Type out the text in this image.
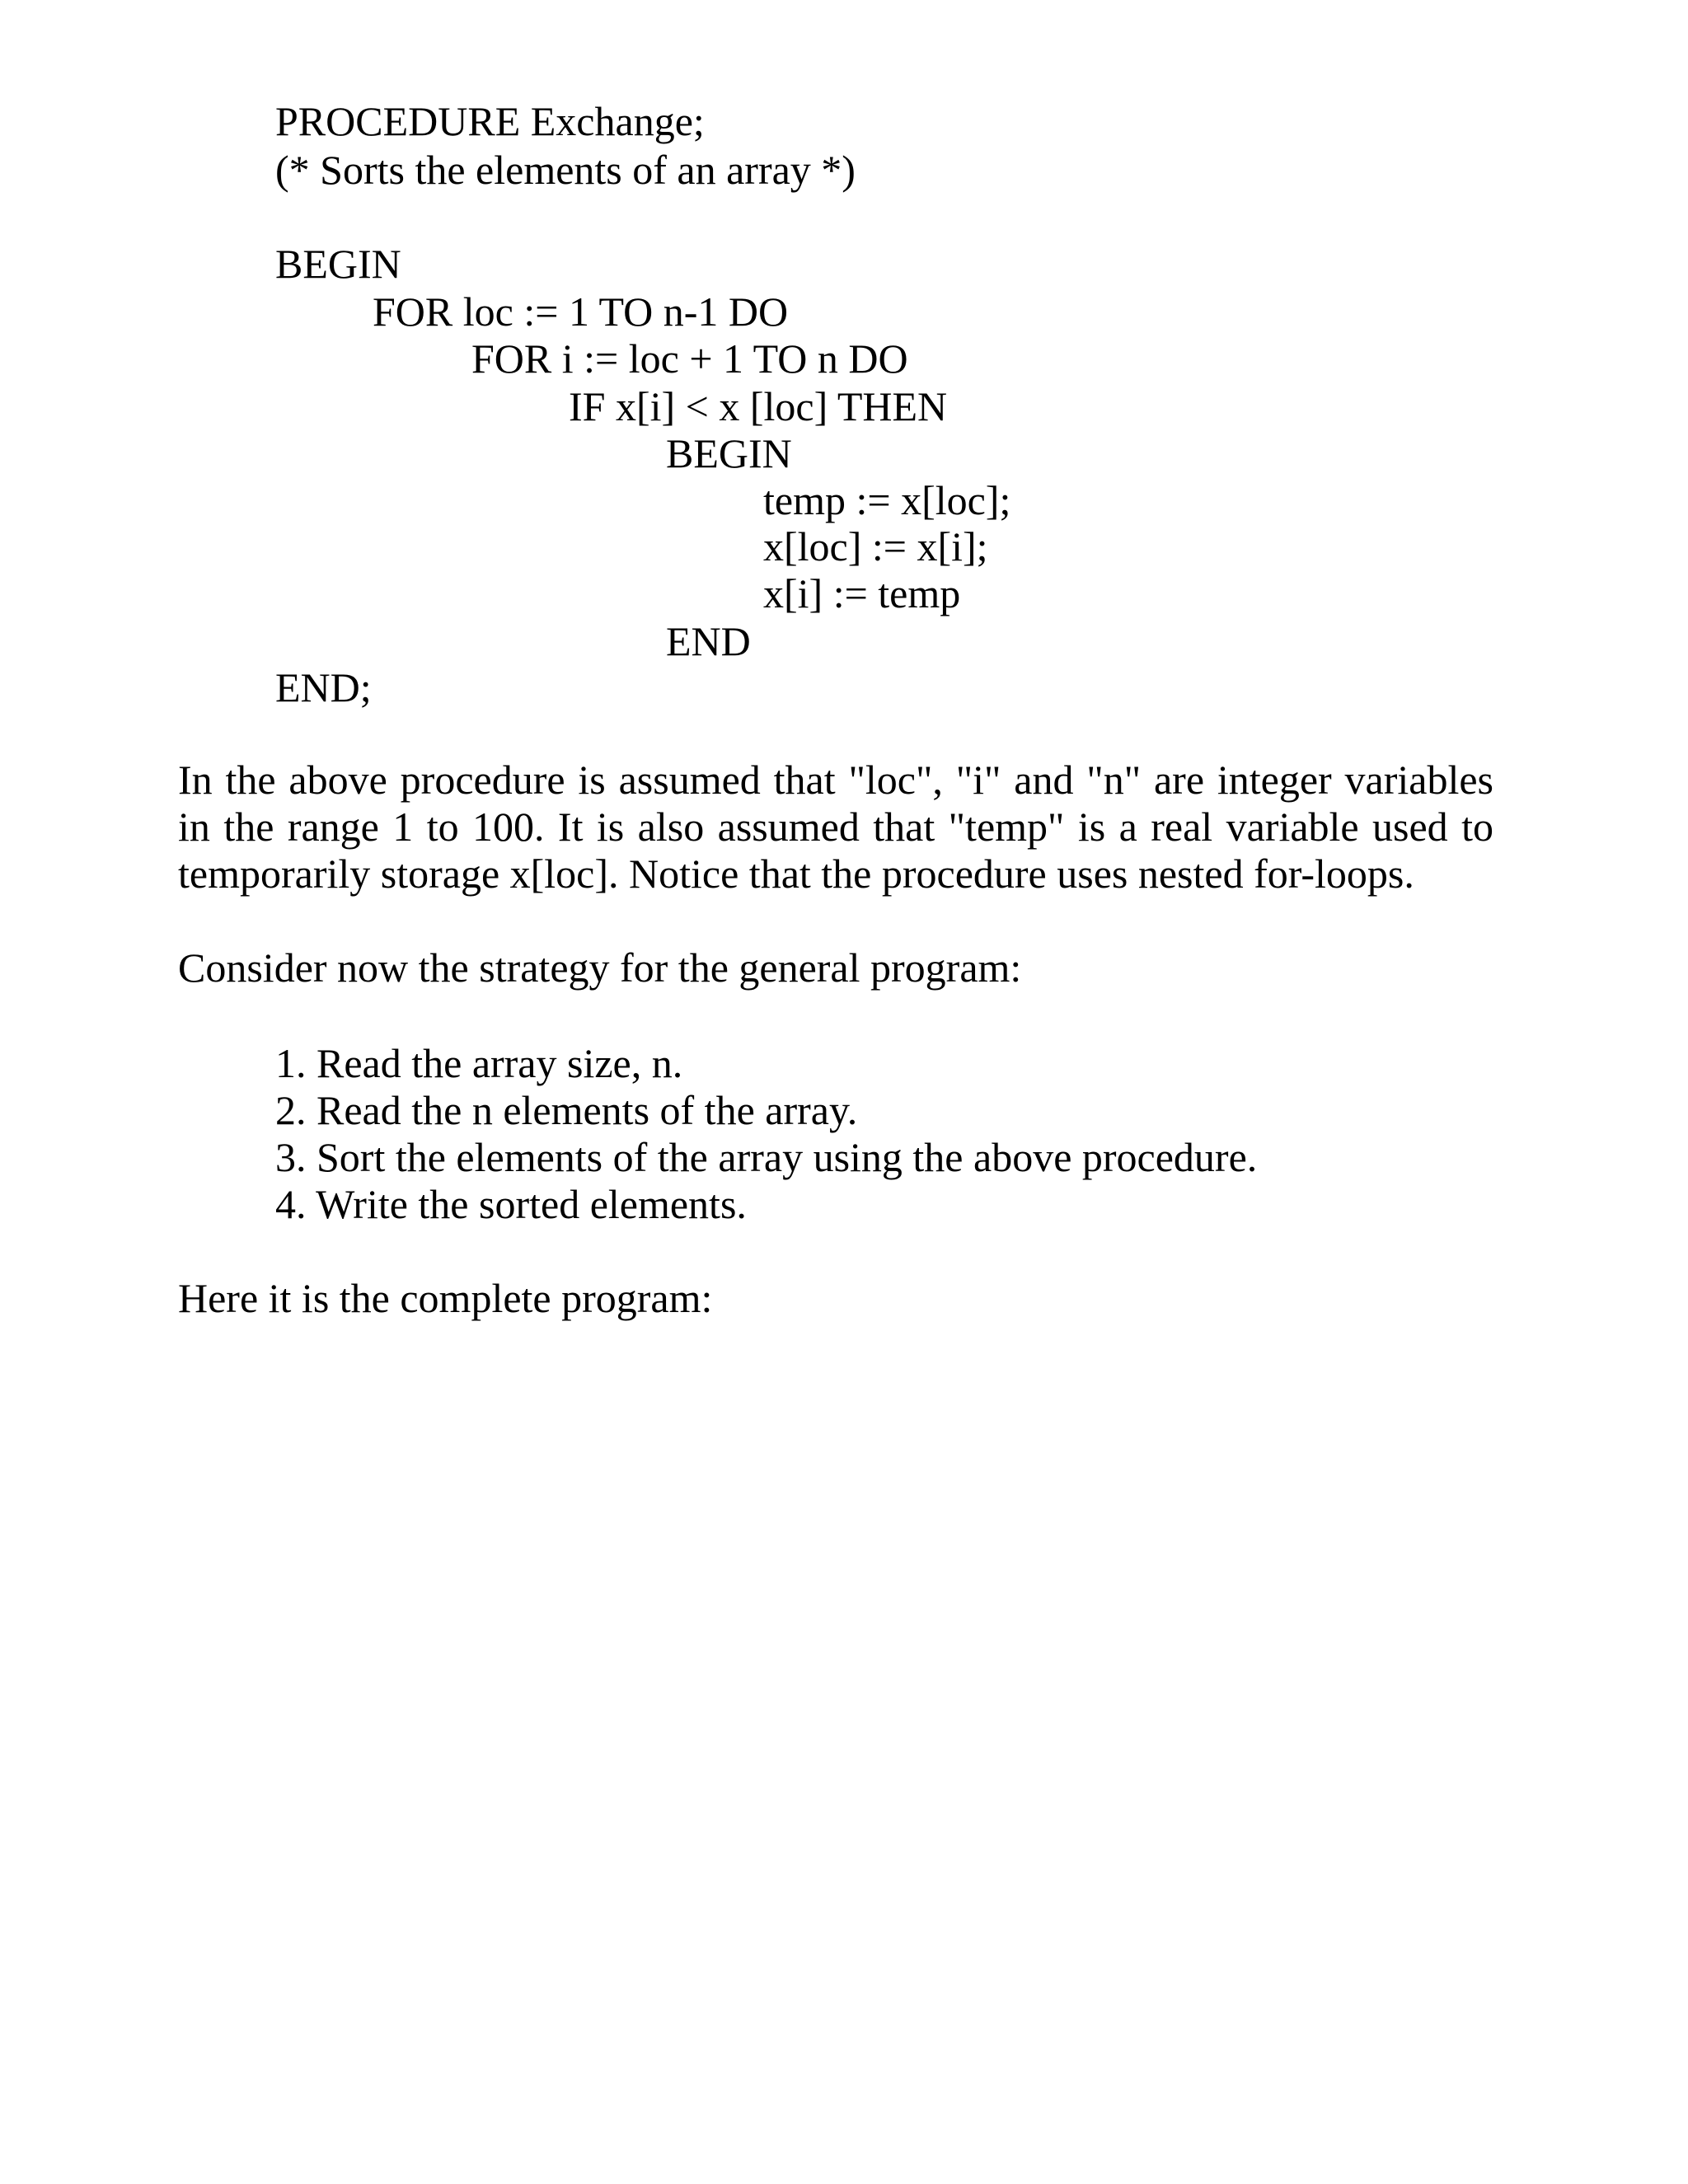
PROCEDURE Exchange;
(* Sorts the elements of an array *)
BEGIN
FOR loc := 1 TO n-1 DO
FOR i := loc + 1 TO n DO
IF x[i] < x [loc] THEN
BEGIN
temp := x[loc];
x[loc] := x[i];
x[i] := temp
END
END;
In the above procedure is assumed that "loc", "i" and "n" are integer variables
in the range 1 to 100. It is also assumed that "temp" is a real variable used to
temporarily storage x[loc]. Notice that the procedure uses nested for-loops.
Consider now the strategy for the general program:
1. Read the array size, n.
2. Read the n elements of the array.
3. Sort the elements of the array using the above procedure.
4. Write the sorted elements.
Here it is the complete program:
